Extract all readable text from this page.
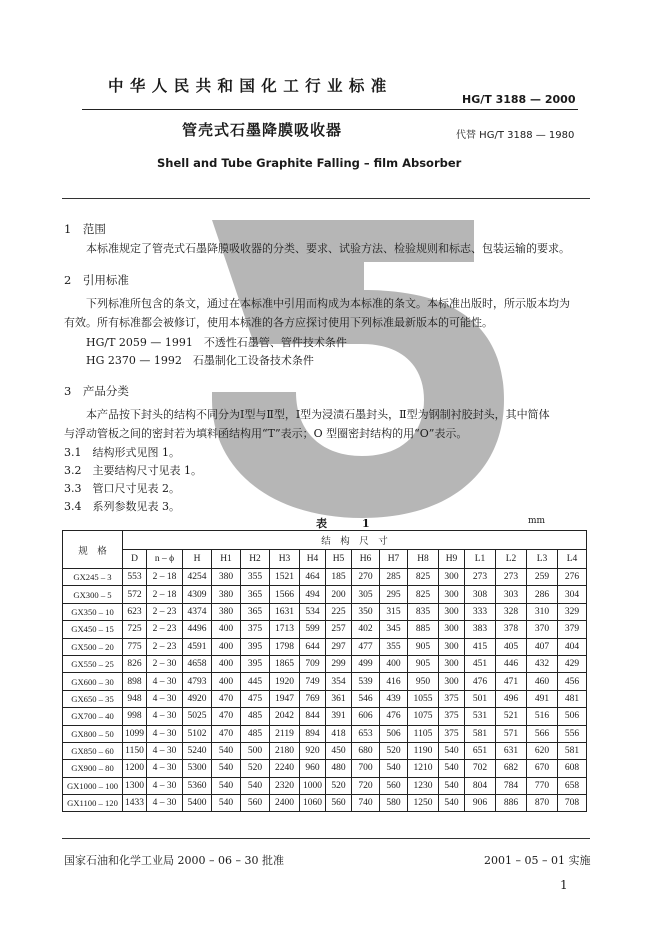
中华人民共和国化工行业标准
HG/T 3188 — 2000
管壳式石墨降膜吸收器	代替 HG/T 3188 — 1980
Shell and Tube Graphite Falling – film Absorber
1　范围
本标准规定了管壳式石墨降膜吸收器的分类、要求、试验方法、检验规则和标志、包装运输的要求。
2　引用标准
下列标准所包含的条文，通过在本标准中引用而构成为本标准的条文。本标准出版时，所示版本均为
有效。所有标准都会被修订，使用本标准的各方应探讨使用下列标准最新版本的可能性。
HG/T 2059 — 1991　不透性石墨管、管件技术条件
HG 2370 — 1992　石墨制化工设备技术条件
3　产品分类
本产品按下封头的结构不同分为Ⅰ型与Ⅱ型，Ⅰ型为浸渍石墨封头，Ⅱ型为钢制衬胶封头，其中简体
与浮动管板之间的密封若为填料函结构用“T”表示；O 型圈密封结构的用“O”表示。
3.1　结构形式见图 1。
3.2　主要结构尺寸见表 1。
3.3　管口尺寸见表 2。
3.4　系列参数见表 3。
表　1	mm
规　格	结　构　尺　寸															
	D	n – ϕ	H	H1	H2	H3	H4	H5	H6	H7	H8	H9	L1	L2	L3	L4
GX245 – 3	553	2 – 18	4254	380	355	1521	464	185	270	285	825	300	273	273	259	276
GX300 – 5	572	2 – 18	4309	380	365	1566	494	200	305	295	825	300	308	303	286	304
GX350 – 10	623	2 – 23	4374	380	365	1631	534	225	350	315	835	300	333	328	310	329
GX450 – 15	725	2 – 23	4496	400	375	1713	599	257	402	345	885	300	383	378	370	379
GX500 – 20	775	2 – 23	4591	400	395	1798	644	297	477	355	905	300	415	405	407	404
GX550 – 25	826	2 – 30	4658	400	395	1865	709	299	499	400	905	300	451	446	432	429
GX600 – 30	898	4 – 30	4793	400	445	1920	749	354	539	416	950	300	476	471	460	456
GX650 – 35	948	4 – 30	4920	470	475	1947	769	361	546	439	1055	375	501	496	491	481
GX700 – 40	998	4 – 30	5025	470	485	2042	844	391	606	476	1075	375	531	521	516	506
GX800 – 50	1099	4 – 30	5102	470	485	2119	894	418	653	506	1105	375	581	571	566	556
GX850 – 60	1150	4 – 30	5240	540	500	2180	920	450	680	520	1190	540	651	631	620	581
GX900 – 80	1200	4 – 30	5300	540	520	2240	960	480	700	540	1210	540	702	682	670	608
GX1000 – 100	1300	4 – 30	5360	540	540	2320	1000	520	720	560	1230	540	804	784	770	658
GX1100 – 120	1433	4 – 30	5400	540	560	2400	1060	560	740	580	1250	540	906	886	870	708
国家石油和化学工业局 2000 – 06 – 30 批准	2001 – 05 – 01 实施
1
